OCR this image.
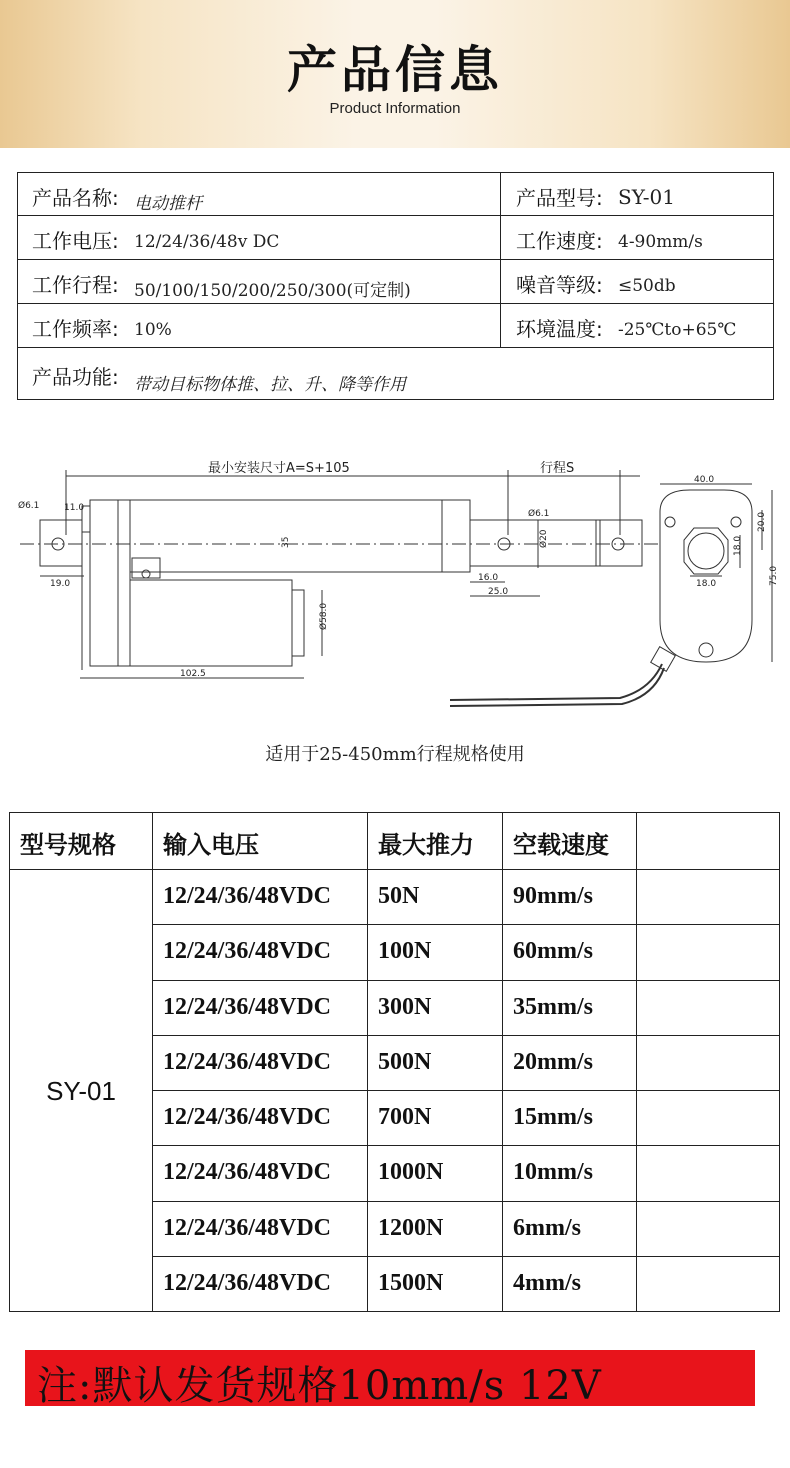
产品信息
Product Information
产品名称: 电动推杆	产品型号: SY-01
工作电压: 12/24/36/48v DC	工作速度: 4-90mm/s
工作行程: 50/100/150/200/250/300(可定制)	噪音等级: ≤50db
工作频率: 10%	环境温度: -25℃to+65℃
产品功能: 带动目标物体推、拉、升、降等作用
最小安装尺寸A=S+105	行程S
Ø6.1	11.0
19.0
35
Ø6.1
Ø20
16.0
25.0
Ø58.0
102.5
40.0
20.0
18.0
18.0	75.0
适用于25-450mm行程规格使用
型号规格	输入电压	最大推力	空载速度
SY-01
12/24/36/48VDC	50N	90mm/s
12/24/36/48VDC	100N	60mm/s
12/24/36/48VDC	300N	35mm/s
12/24/36/48VDC	500N	20mm/s
12/24/36/48VDC	700N	15mm/s
12/24/36/48VDC	1000N	10mm/s
12/24/36/48VDC	1200N	6mm/s
12/24/36/48VDC	1500N	4mm/s
注:默认发货规格10mm/s 12V
